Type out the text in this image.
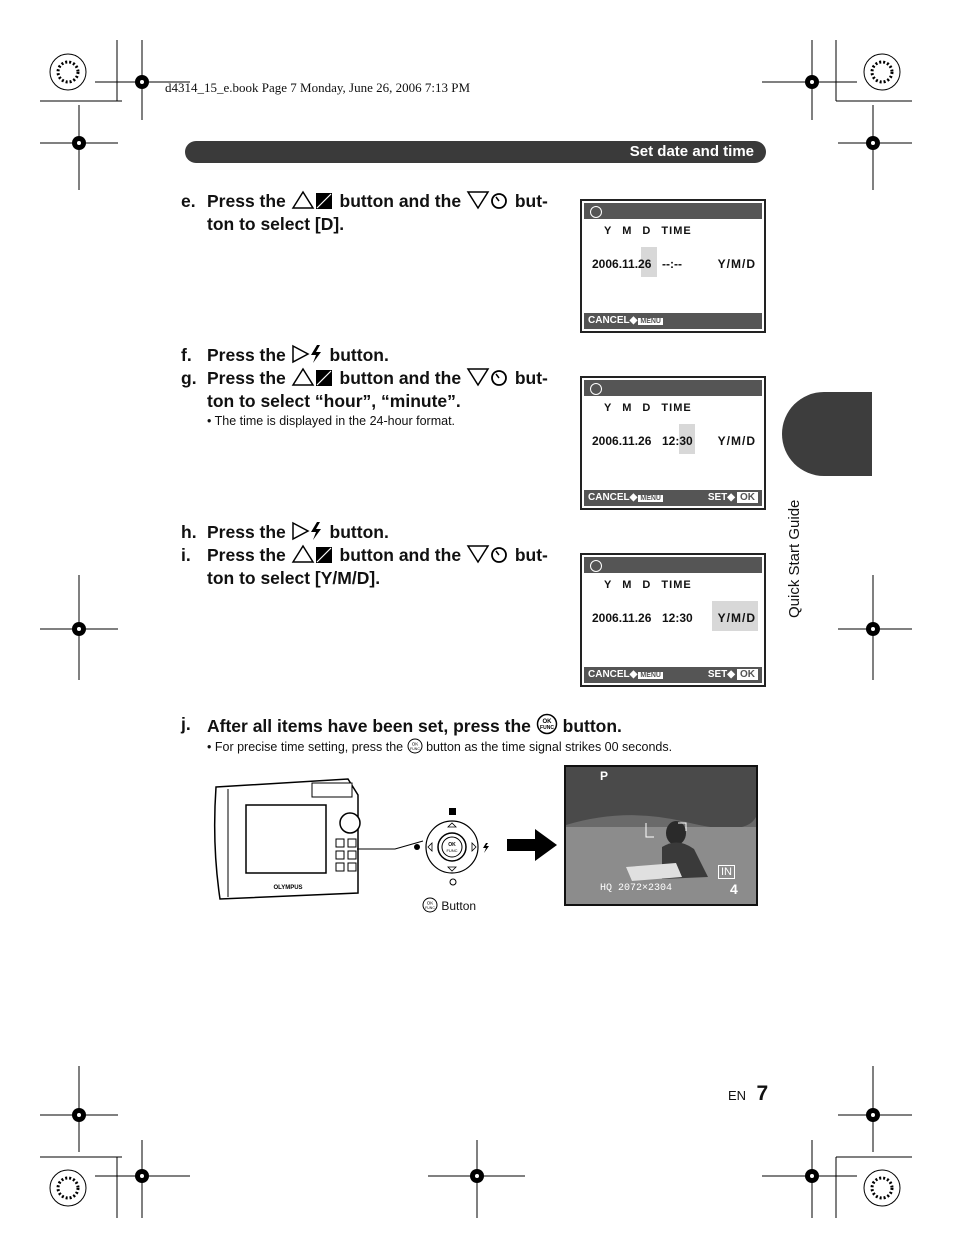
d4314_15_e.book Page 7 Monday, June 26, 2006 7:13 PM
Set date and time
Quick Start Guide
e. Press the	button and the	but-
ton to select [D].
f. Press the	button.
g. Press the	button and the	but-
ton to select “hour”, “minute”.
• The time is displayed in the 24-hour format.
h. Press the	button.
i. Press the	button and the	but-
ton to select [Y/M/D].
j. After all items have been set, press the OK
FUNC button.
• For precise time setting, press the OK
FUNC button as the time signal strikes 00 seconds.
Y M D TIME
2006.11.26 --:--	Y/M/D
CANCEL◆ MENU
Y M D TIME
2006.11.26 12:30 Y/M/D
CANCEL◆ MENU	SET◆ OK
Y M D TIME
2006.11.26 12:30 Y/M/D
CANCEL◆ MENU	SET◆ OK
OLYMPUS
OK
FUNC
OK
FUNC Button
P
IN
HQ 2072×2304	4
EN 7
